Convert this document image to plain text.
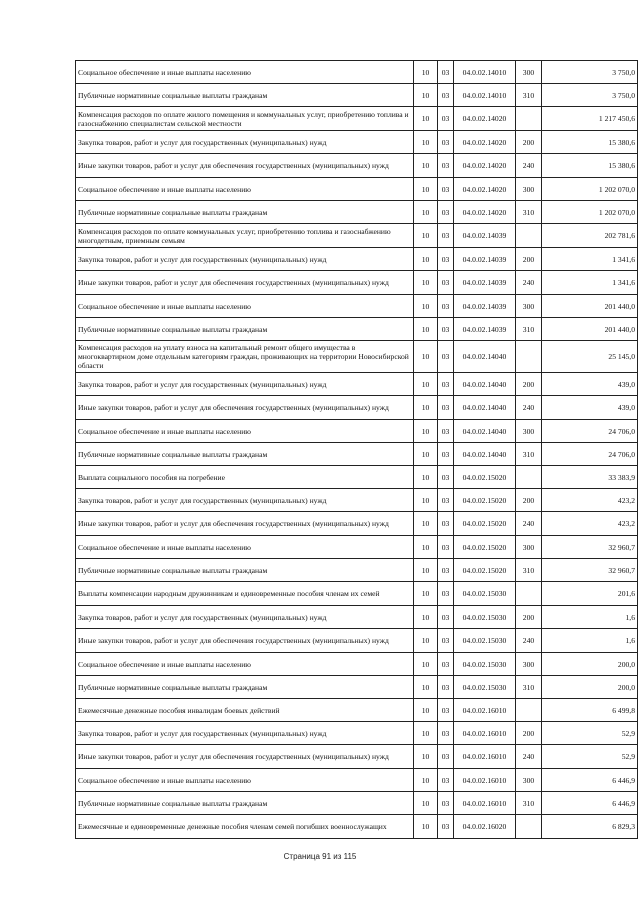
Социальное обеспечение и иные выплаты населению	10	03	04.0.02.14010	300	3 750,0
Публичные нормативные социальные выплаты гражданам	10	03	04.0.02.14010	310	3 750,0
Компенсация расходов по оплате жилого помещения и коммунальных услуг, приобретению топлива и газоснабжению специалистам сельской местности	10	03	04.0.02.14020		1 217 450,6
Закупка товаров, работ и услуг для государственных (муниципальных) нужд	10	03	04.0.02.14020	200	15 380,6
Иные закупки товаров, работ и услуг для обеспечения государственных (муниципальных) нужд	10	03	04.0.02.14020	240	15 380,6
Социальное обеспечение и иные выплаты населению	10	03	04.0.02.14020	300	1 202 070,0
Публичные нормативные социальные выплаты гражданам	10	03	04.0.02.14020	310	1 202 070,0
Компенсация расходов по оплате коммунальных услуг, приобретению топлива и газоснабжению многодетным, приемным семьям	10	03	04.0.02.14039		202 781,6
Закупка товаров, работ и услуг для государственных (муниципальных) нужд	10	03	04.0.02.14039	200	1 341,6
Иные закупки товаров, работ и услуг для обеспечения государственных (муниципальных) нужд	10	03	04.0.02.14039	240	1 341,6
Социальное обеспечение и иные выплаты населению	10	03	04.0.02.14039	300	201 440,0
Публичные нормативные социальные выплаты гражданам	10	03	04.0.02.14039	310	201 440,0
Компенсация расходов на уплату взноса на капитальный ремонт общего имущества в многоквартирном доме отдельным категориям граждан, проживающих на территории Новосибирской области	10	03	04.0.02.14040		25 145,0
Закупка товаров, работ и услуг для государственных (муниципальных) нужд	10	03	04.0.02.14040	200	439,0
Иные закупки товаров, работ и услуг для обеспечения государственных (муниципальных) нужд	10	03	04.0.02.14040	240	439,0
Социальное обеспечение и иные выплаты населению	10	03	04.0.02.14040	300	24 706,0
Публичные нормативные социальные выплаты гражданам	10	03	04.0.02.14040	310	24 706,0
Выплата социального пособия на погребение	10	03	04.0.02.15020		33 383,9
Закупка товаров, работ и услуг для государственных (муниципальных) нужд	10	03	04.0.02.15020	200	423,2
Иные закупки товаров, работ и услуг для обеспечения государственных (муниципальных) нужд	10	03	04.0.02.15020	240	423,2
Социальное обеспечение и иные выплаты населению	10	03	04.0.02.15020	300	32 960,7
Публичные нормативные социальные выплаты гражданам	10	03	04.0.02.15020	310	32 960,7
Выплаты компенсации народным дружинникам и единовременные пособия членам их семей	10	03	04.0.02.15030		201,6
Закупка товаров, работ и услуг для государственных (муниципальных) нужд	10	03	04.0.02.15030	200	1,6
Иные закупки товаров, работ и услуг для обеспечения государственных (муниципальных) нужд	10	03	04.0.02.15030	240	1,6
Социальное обеспечение и иные выплаты населению	10	03	04.0.02.15030	300	200,0
Публичные нормативные социальные выплаты гражданам	10	03	04.0.02.15030	310	200,0
Ежемесячные денежные пособия инвалидам боевых действий	10	03	04.0.02.16010		6 499,8
Закупка товаров, работ и услуг для государственных (муниципальных) нужд	10	03	04.0.02.16010	200	52,9
Иные закупки товаров, работ и услуг для обеспечения государственных (муниципальных) нужд	10	03	04.0.02.16010	240	52,9
Социальное обеспечение и иные выплаты населению	10	03	04.0.02.16010	300	6 446,9
Публичные нормативные социальные выплаты гражданам	10	03	04.0.02.16010	310	6 446,9
Ежемесячные и единовременные денежные пособия членам семей погибших военнослужащих	10	03	04.0.02.16020		6 829,3
Страница 91 из 115
